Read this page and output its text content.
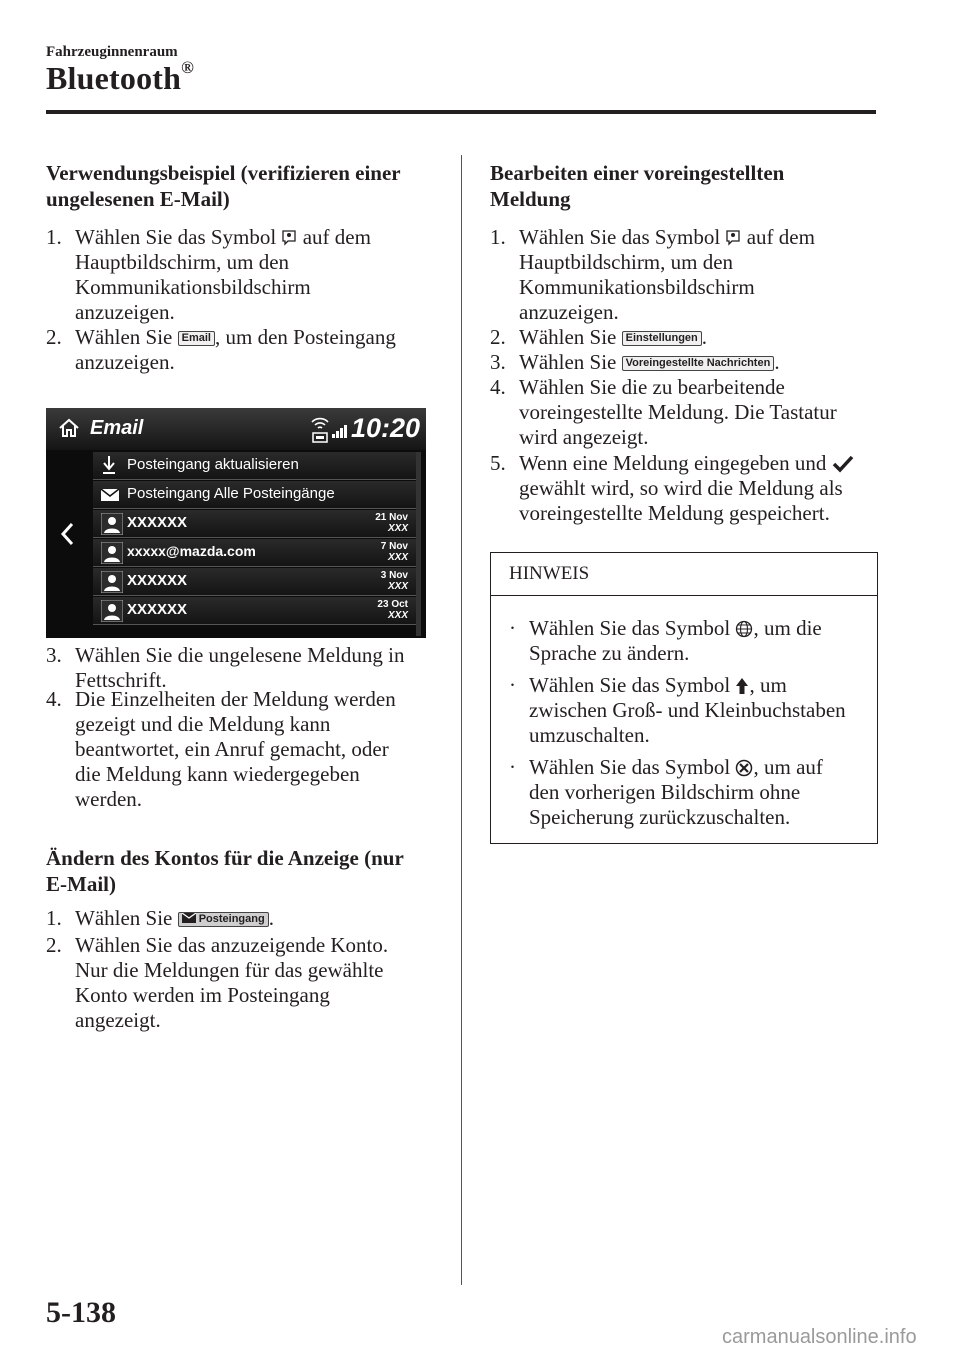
Fahrzeuginnenraum
Bluetooth®
Verwendungsbeispiel (verifizieren einer
ungelesenen E-Mail)
1. Wählen Sie das Symbol  auf dem
Hauptbildschirm, um den
Kommunikationsbildschirm
anzuzeigen.
2. Wählen Sie Email , um den Posteingang
anzuzeigen.
Email	10:20
Posteingang aktualisieren
Posteingang Alle Posteingänge
XXXXXX	21 Nov
XXX
xxxxx@mazda.com	7 Nov
XXX
XXXXXX	3 Nov
XXX
XXXXXX	23 Oct
XXX
3. Wählen Sie die ungelesene Meldung in
Fettschrift.
4. Die Einzelheiten der Meldung werden
gezeigt und die Meldung kann
beantwortet, ein Anruf gemacht, oder
die Meldung kann wiedergegeben
werden.
Ändern des Kontos für die Anzeige (nur
E-Mail)
1. Wählen Sie  Posteingang .
2. Wählen Sie das anzuzeigende Konto.
Nur die Meldungen für das gewählte
Konto werden im Posteingang
angezeigt.
Bearbeiten einer voreingestellten
Meldung
1. Wählen Sie das Symbol  auf dem
Hauptbildschirm, um den
Kommunikationsbildschirm
anzuzeigen.
2. Wählen Sie Einstellungen .
3. Wählen Sie Voreingestellte Nachrichten .
4. Wählen Sie die zu bearbeitende
voreingestellte Meldung. Die Tastatur
wird angezeigt.
5. Wenn eine Meldung eingegeben und
gewählt wird, so wird die Meldung als
voreingestellte Meldung gespeichert.
HINWEIS
· Wählen Sie das Symbol , um die
Sprache zu ändern.
· Wählen Sie das Symbol , um
zwischen Groß- und Kleinbuchstaben
umzuschalten.
· Wählen Sie das Symbol , um auf
den vorherigen Bildschirm ohne
Speicherung zurückzuschalten.
5-138
carmanualsonline.info
